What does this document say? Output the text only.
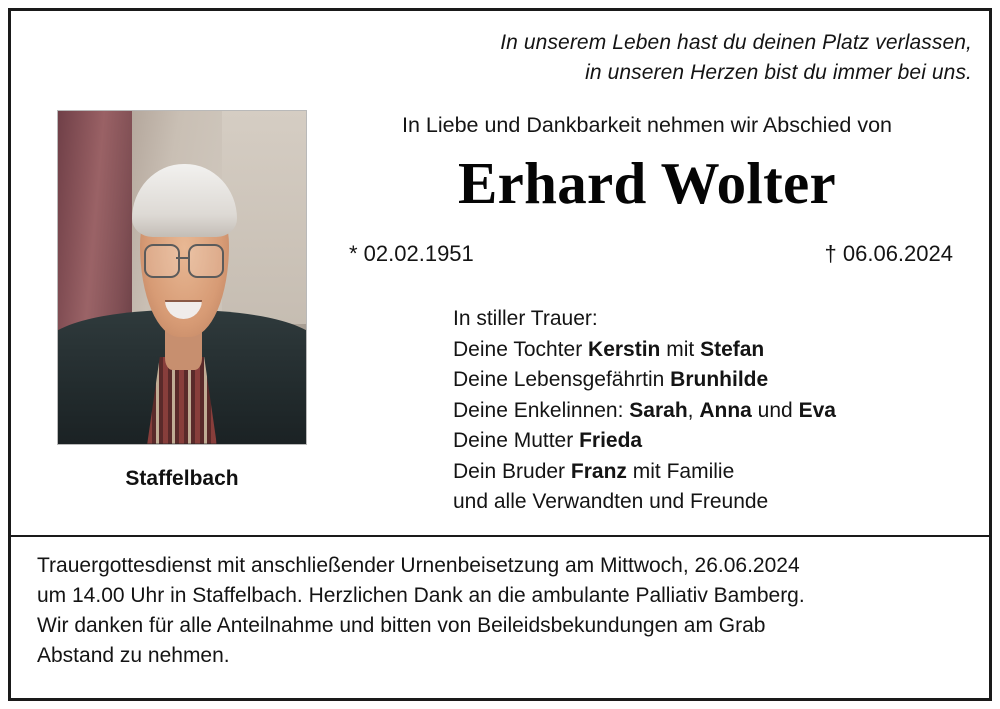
In unserem Leben hast du deinen Platz verlassen,
in unseren Herzen bist du immer bei uns.
Staffelbach
In Liebe und Dankbarkeit nehmen wir Abschied von
Erhard Wolter
* 02.02.1951	† 06.06.2024
In stiller Trauer:
Deine Tochter Kerstin mit Stefan
Deine Lebensgefährtin Brunhilde
Deine Enkelinnen: Sarah, Anna und Eva
Deine Mutter Frieda
Dein Bruder Franz mit Familie
und alle Verwandten und Freunde
Trauergottesdienst mit anschließender Urnenbeisetzung am Mittwoch, 26.06.2024
um 14.00 Uhr in Staffelbach. Herzlichen Dank an die ambulante Palliativ Bamberg.
Wir danken für alle Anteilnahme und bitten von Beileidsbekundungen am Grab
Abstand zu nehmen.
